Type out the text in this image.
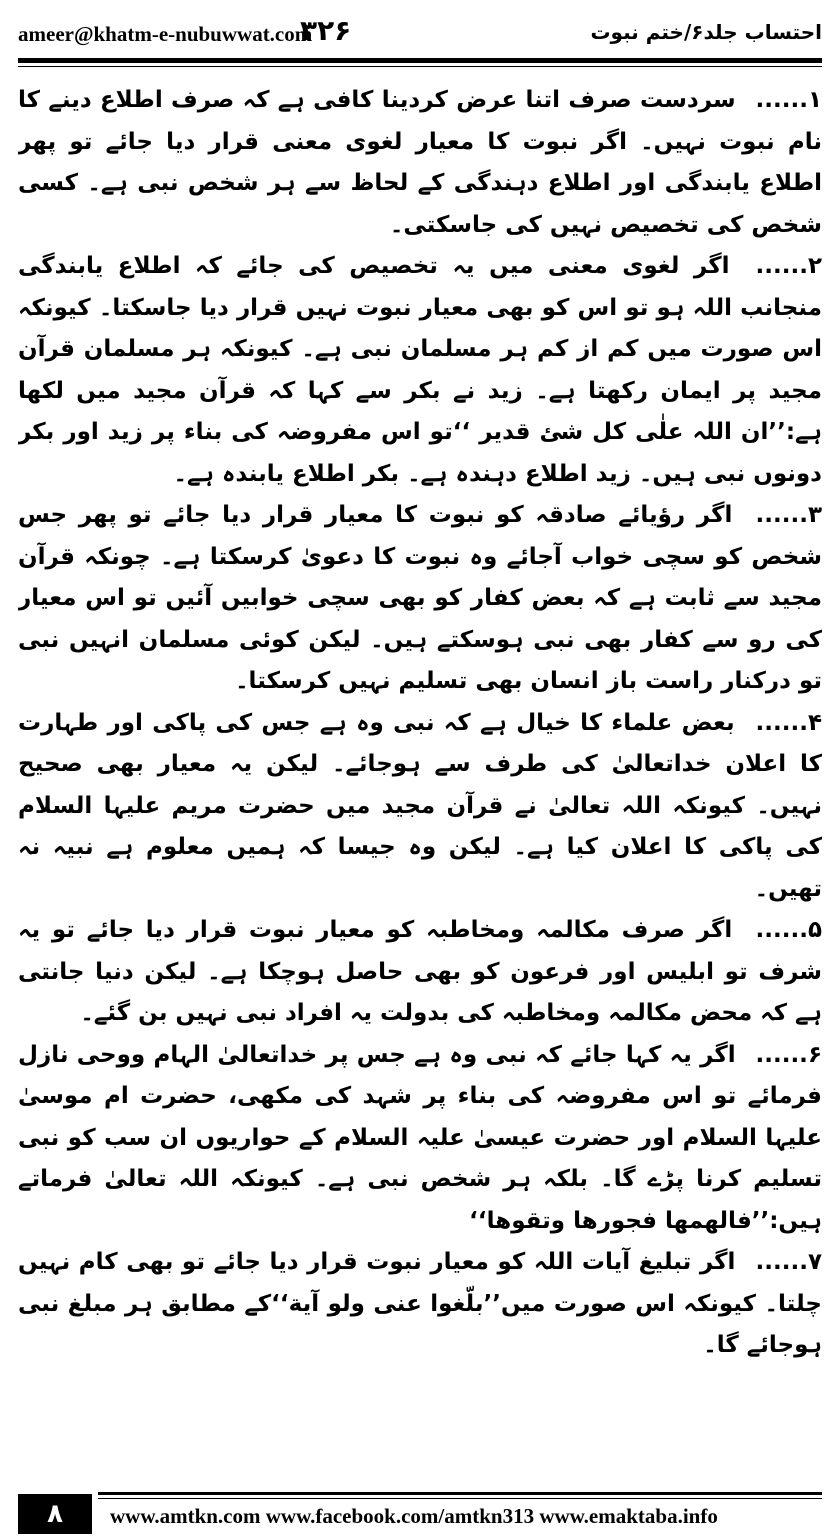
ameer@khatm-e-nubuwwat.com
۳۲۶	احتساب جلد۶/ختم نبوت

۱...... سردست صرف اتنا عرض کردینا کافی ہے کہ صرف اطلاع دینے کا نام نبوت نہیں۔ اگر نبوت کا معیار لغوی معنی قرار دیا جائے تو پھر اطلاع یابندگی اور اطلاع دہندگی کے لحاظ سے ہر شخص نبی ہے۔ کسی شخص کی تخصیص نہیں کی جاسکتی۔

۲...... اگر لغوی معنی میں یہ تخصیص کی جائے کہ اطلاع یابندگی منجانب اللہ ہو تو اس کو بھی معیار نبوت نہیں قرار دیا جاسکتا۔ کیونکہ اس صورت میں کم از کم ہر مسلمان نبی ہے۔ کیونکہ ہر مسلمان قرآن مجید پر ایمان رکھتا ہے۔ زید نے بکر سے کہا کہ قرآن مجید میں لکھا ہے:’’ان اللہ علٰی کل شئ قدیر ‘‘تو اس مفروضہ کی بناء پر زید اور بکر دونوں نبی ہیں۔ زید اطلاع دہندہ ہے۔ بکر اطلاع یابندہ ہے۔

۳...... اگر رؤیائے صادقہ کو نبوت کا معیار قرار دیا جائے تو پھر جس شخص کو سچی خواب آجائے وہ نبوت کا دعویٰ کرسکتا ہے۔ چونکہ قرآن مجید سے ثابت ہے کہ بعض کفار کو بھی سچی خوابیں آئیں تو اس معیار کی رو سے کفار بھی نبی ہوسکتے ہیں۔ لیکن کوئی مسلمان انہیں نبی تو درکنار راست باز انسان بھی تسلیم نہیں کرسکتا۔

۴...... بعض علماء کا خیال ہے کہ نبی وہ ہے جس کی پاکی اور طہارت کا اعلان خداتعالیٰ کی طرف سے ہوجائے۔ لیکن یہ معیار بھی صحیح نہیں۔ کیونکہ اللہ تعالیٰ نے قرآن مجید میں حضرت مریم علیہا السلام کی پاکی کا اعلان کیا ہے۔ لیکن وہ جیسا کہ ہمیں معلوم ہے نبیہ نہ تھیں۔

۵...... اگر صرف مکالمہ ومخاطبہ کو معیار نبوت قرار دیا جائے تو یہ شرف تو ابلیس اور فرعون کو بھی حاصل ہوچکا ہے۔ لیکن دنیا جانتی ہے کہ محض مکالمہ ومخاطبہ کی بدولت یہ افراد نبی نہیں بن گئے۔

۶...... اگر یہ کہا جائے کہ نبی وہ ہے جس پر خداتعالیٰ الہام ووحی نازل فرمائے تو اس مفروضہ کی بناء پر شہد کی مکھی، حضرت ام موسیٰ علیہا السلام اور حضرت عیسیٰ علیہ السلام کے حواریوں ان سب کو نبی تسلیم کرنا پڑے گا۔ بلکہ ہر شخص نبی ہے۔ کیونکہ اللہ تعالیٰ فرماتے ہیں:’’فالھمھا فجورھا وتقوھا‘‘

۷...... اگر تبلیغ آیات اللہ کو معیار نبوت قرار دیا جائے تو بھی کام نہیں چلتا۔ کیونکہ اس صورت میں’’بلّغوا عنی ولو آیة‘‘کے مطابق ہر مبلغ نبی ہوجائے گا۔

۸	www.amtkn.com www.facebook.com/amtkn313 www.emaktaba.info
